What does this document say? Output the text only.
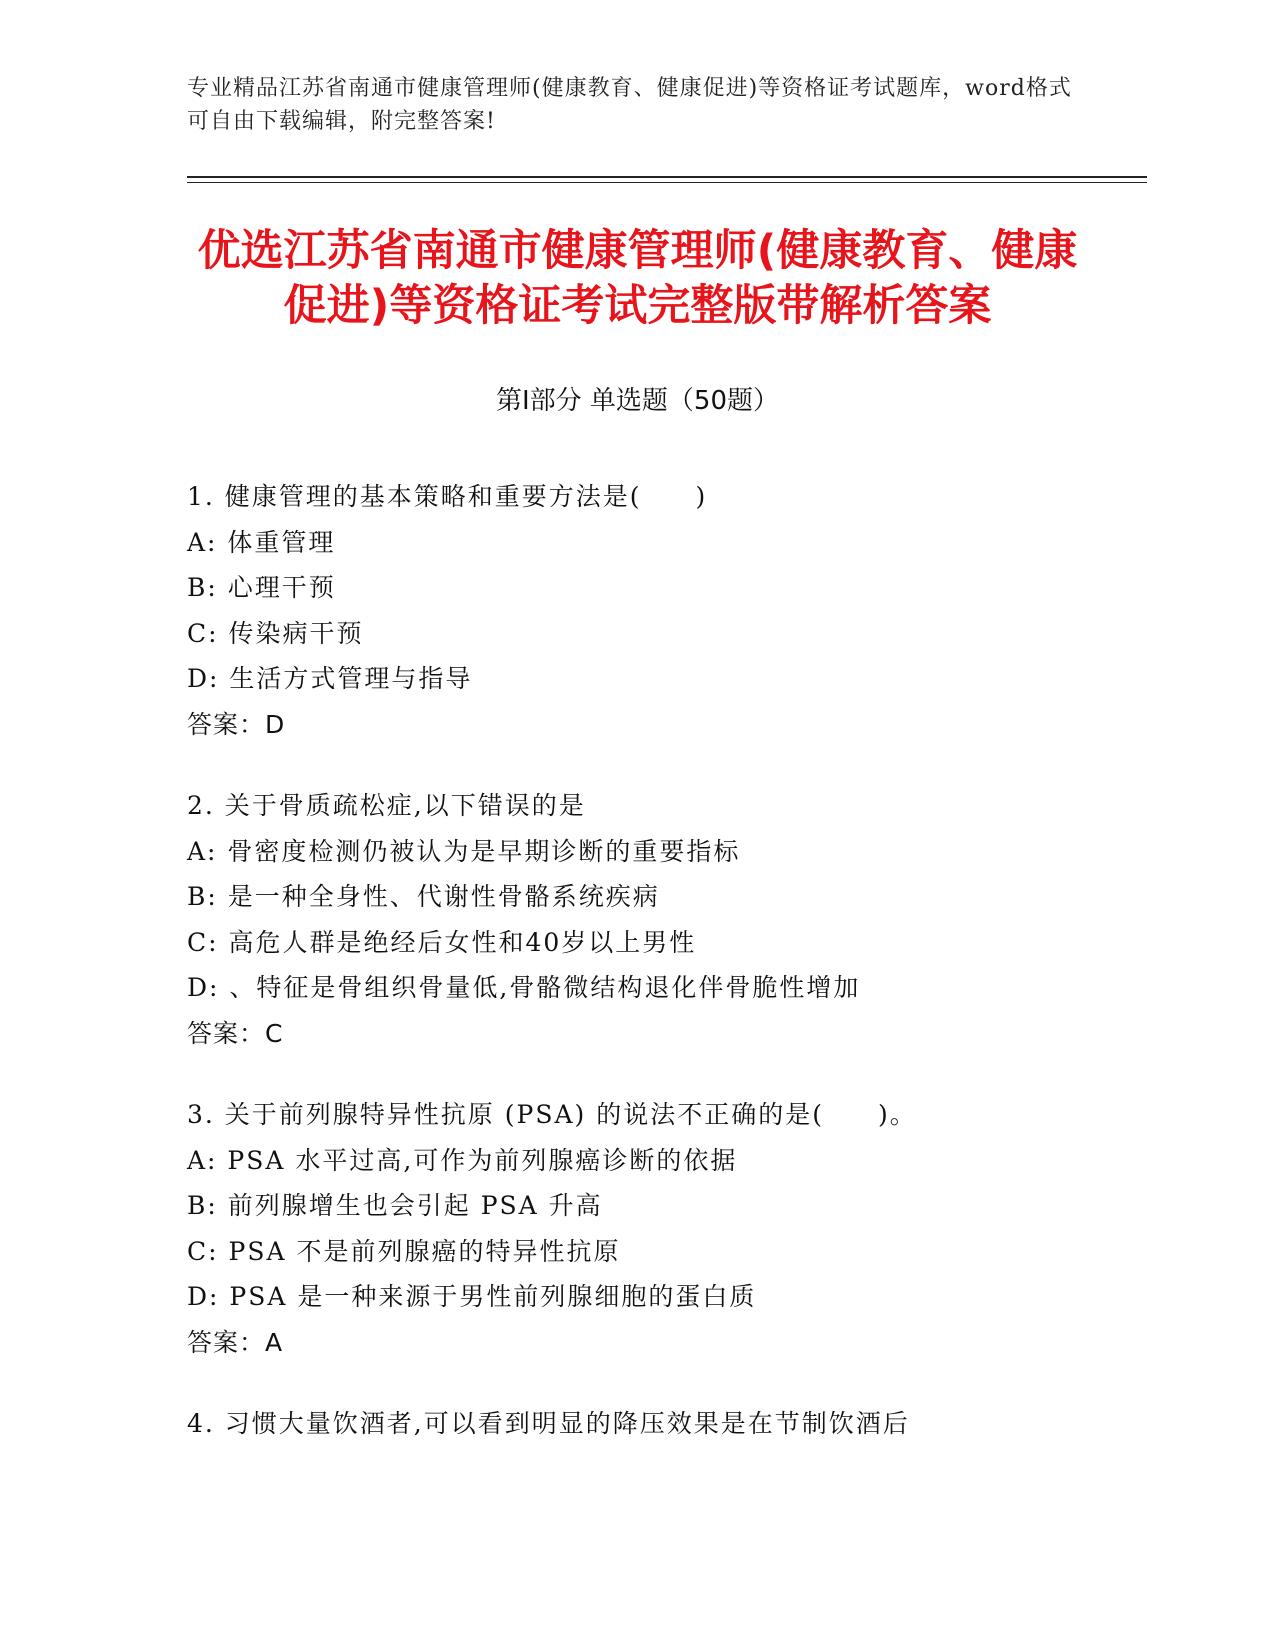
专业精品江苏省南通市健康管理师(健康教育、健康促进)等资格证考试题库，word格式可自由下载编辑，附完整答案!
优选江苏省南通市健康管理师(健康教育、健康促进)等资格证考试完整版带解析答案
第Ⅰ部分 单选题（50题）
1. 健康管理的基本策略和重要方法是(　　)
A: 体重管理
B: 心理干预
C: 传染病干预
D: 生活方式管理与指导
答案：D
2. 关于骨质疏松症,以下错误的是
A: 骨密度检测仍被认为是早期诊断的重要指标
B: 是一种全身性、代谢性骨骼系统疾病
C: 高危人群是绝经后女性和40岁以上男性
D: 、特征是骨组织骨量低,骨骼微结构退化伴骨脆性增加
答案：C
3. 关于前列腺特异性抗原 (PSA) 的说法不正确的是(　　)。
A: PSA 水平过高,可作为前列腺癌诊断的依据
B: 前列腺增生也会引起 PSA 升高
C: PSA 不是前列腺癌的特异性抗原
D: PSA 是一种来源于男性前列腺细胞的蛋白质
答案：A
4. 习惯大量饮酒者,可以看到明显的降压效果是在节制饮酒后
